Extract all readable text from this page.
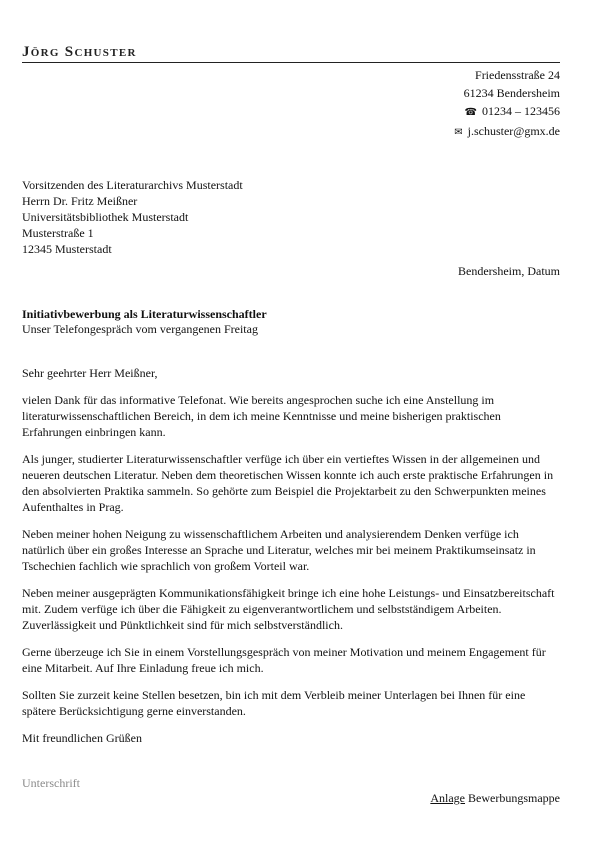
Jörg Schuster
Friedensstraße 24
61234 Bendersheim
☎ 01234 – 123456
✉ j.schuster@gmx.de
Vorsitzenden des Literaturarchivs Musterstadt
Herrn Dr. Fritz Meißner
Universitätsbibliothek Musterstadt
Musterstraße 1
12345 Musterstadt
Bendersheim, Datum
Initiativbewerbung als Literaturwissenschaftler
Unser Telefongespräch vom vergangenen Freitag

Sehr geehrter Herr Meißner,

vielen Dank für das informative Telefonat. Wie bereits angesprochen suche ich eine Anstellung im literaturwissenschaftlichen Bereich, in dem ich meine Kenntnisse und meine bisherigen praktischen Erfahrungen einbringen kann.

Als junger, studierter Literaturwissenschaftler verfüge ich über ein vertieftes Wissen in der allgemeinen und neueren deutschen Literatur. Neben dem theoretischen Wissen konnte ich auch erste praktische Erfahrungen in den absolvierten Praktika sammeln. So gehörte zum Beispiel die Projektarbeit zu den Schwerpunkten meines Aufenthaltes in Prag.

Neben meiner hohen Neigung zu wissenschaftlichem Arbeiten und analysierendem Denken verfüge ich natürlich über ein großes Interesse an Sprache und Literatur, welches mir bei meinem Praktikumseinsatz in Tschechien fachlich wie sprachlich von großem Vorteil war.

Neben meiner ausgeprägten Kommunikationsfähigkeit bringe ich eine hohe Leistungs- und Einsatzbereitschaft mit. Zudem verfüge ich über die Fähigkeit zu eigenverantwortlichem und selbstständigem Arbeiten. Zuverlässigkeit und Pünktlichkeit sind für mich selbstverständlich.

Gerne überzeuge ich Sie in einem Vorstellungsgespräch von meiner Motivation und meinem Engagement für eine Mitarbeit. Auf Ihre Einladung freue ich mich.

Sollten Sie zurzeit keine Stellen besetzen, bin ich mit dem Verbleib meiner Unterlagen bei Ihnen für eine spätere Berücksichtigung gerne einverstanden.

Mit freundlichen Grüßen

Unterschrift
Anlage Bewerbungsmappe
